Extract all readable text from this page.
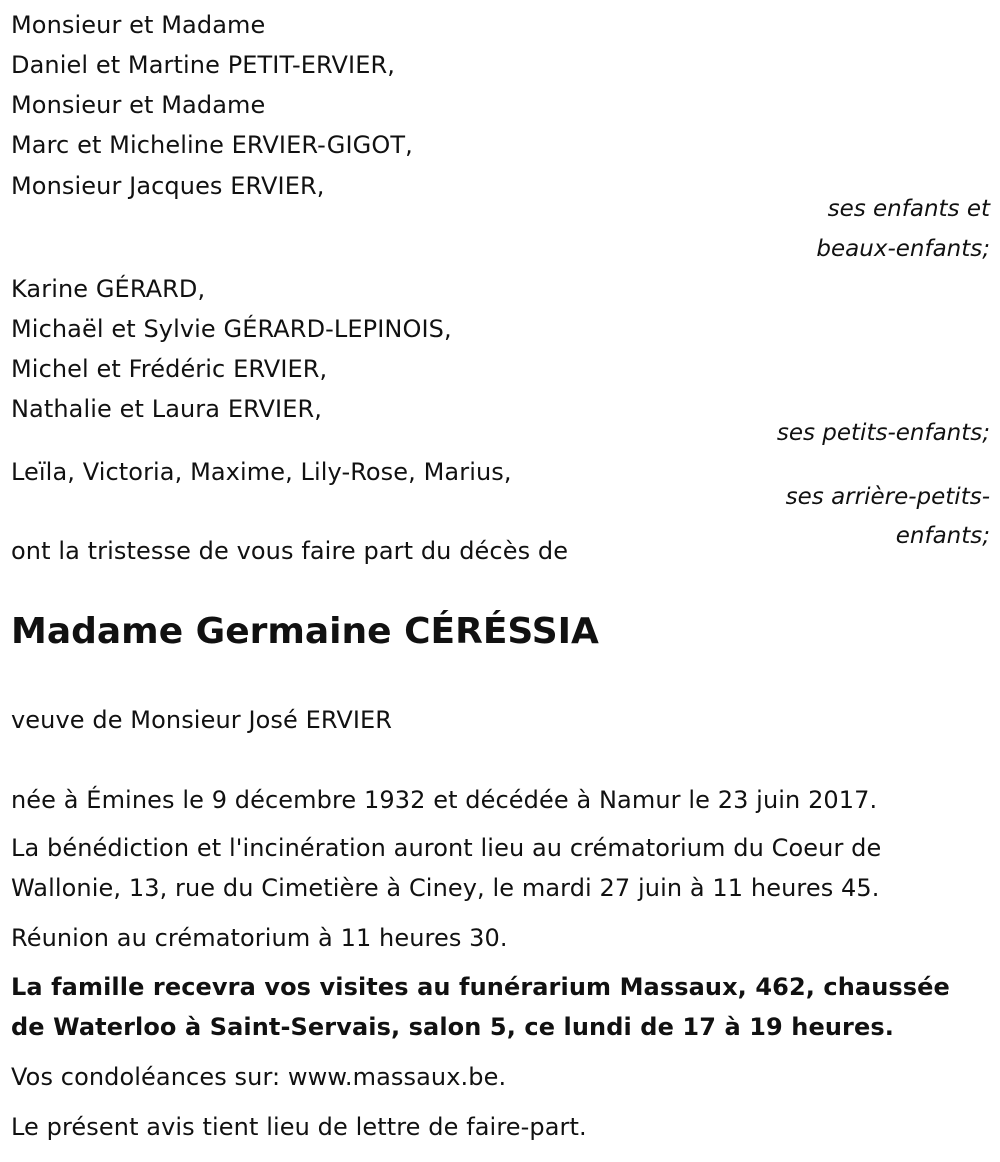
Monsieur et Madame
Daniel et Martine PETIT-ERVIER,
Monsieur et Madame
Marc et Micheline ERVIER-GIGOT,
Monsieur Jacques ERVIER,
ses enfants et
beaux-enfants;
Karine GÉRARD,
Michaël et Sylvie GÉRARD-LEPINOIS,
Michel et Frédéric ERVIER,
Nathalie et Laura ERVIER,
ses petits-enfants;
Leïla, Victoria, Maxime, Lily-Rose, Marius,
ses arrière-petits-
enfants;
ont la tristesse de vous faire part du décès de
Madame Germaine CÉRÉSSIA
veuve de Monsieur José ERVIER
née à Émines le 9 décembre 1932 et décédée à Namur le 23 juin 2017.
La bénédiction et l'incinération auront lieu au crématorium du Coeur de
Wallonie, 13, rue du Cimetière à Ciney, le mardi 27 juin à 11 heures 45.
Réunion au crématorium à 11 heures 30.
La famille recevra vos visites au funérarium Massaux, 462, chaussée
de Waterloo à Saint-Servais, salon 5, ce lundi de 17 à 19 heures.
Vos condoléances sur: www.massaux.be.
Le présent avis tient lieu de lettre de faire-part.
